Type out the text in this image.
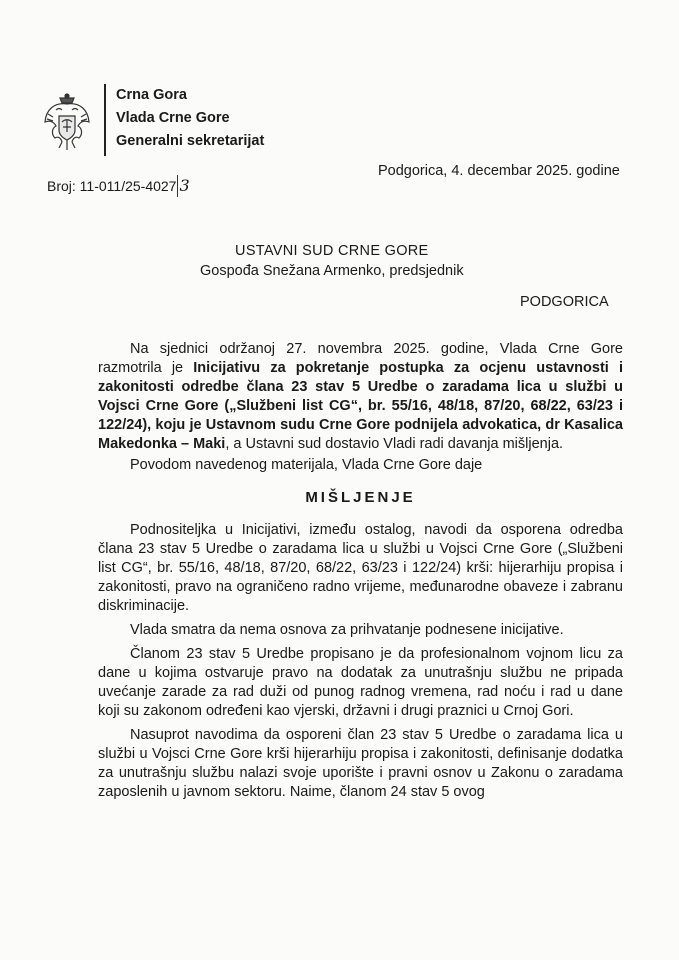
Crna Gora
Vlada Crne Gore
Generalni sekretarijat
Broj: 11-011/25-4027 3
Podgorica, 4. decembar 2025. godine
USTAVNI SUD CRNE GORE
Gospođa Snežana Armenko, predsjednik
PODGORICA

Na sjednici održanoj 27. novembra 2025. godine, Vlada Crne Gore razmotrila je Inicijativu za pokretanje postupka za ocjenu ustavnosti i zakonitosti odredbe člana 23 stav 5 Uredbe o zaradama lica u službi u Vojsci Crne Gore („Službeni list CG“, br. 55/16, 48/18, 87/20, 68/22, 63/23 i 122/24), koju je Ustavnom sudu Crne Gore podnijela advokatica, dr Kasalica Makedonka – Maki, a Ustavni sud dostavio Vladi radi davanja mišljenja.

Povodom navedenog materijala, Vlada Crne Gore daje

MIŠLJENJE

Podnositeljka u Inicijativi, između ostalog, navodi da osporena odredba člana 23 stav 5 Uredbe o zaradama lica u službi u Vojsci Crne Gore („Službeni list CG“, br. 55/16, 48/18, 87/20, 68/22, 63/23 i 122/24) krši: hijerarhiju propisa i zakonitosti, pravo na ograničeno radno vrijeme, međunarodne obaveze i zabranu diskriminacije.

Vlada smatra da nema osnova za prihvatanje podnesene inicijative.

Članom 23 stav 5 Uredbe propisano je da profesionalnom vojnom licu za dane u kojima ostvaruje pravo na dodatak za unutrašnju službu ne pripada uvećanje zarade za rad duži od punog radnog vremena, rad noću i rad u dane koji su zakonom određeni kao vjerski, državni i drugi praznici u Crnoj Gori.

Nasuprot navodima da osporeni član 23 stav 5 Uredbe o zaradama lica u službi u Vojsci Crne Gore krši hijerarhiju propisa i zakonitosti, definisanje dodatka za unutrašnju službu nalazi svoje uporište i pravni osnov u Zakonu o zaradama zaposlenih u javnom sektoru. Naime, članom 24 stav 5 ovog
